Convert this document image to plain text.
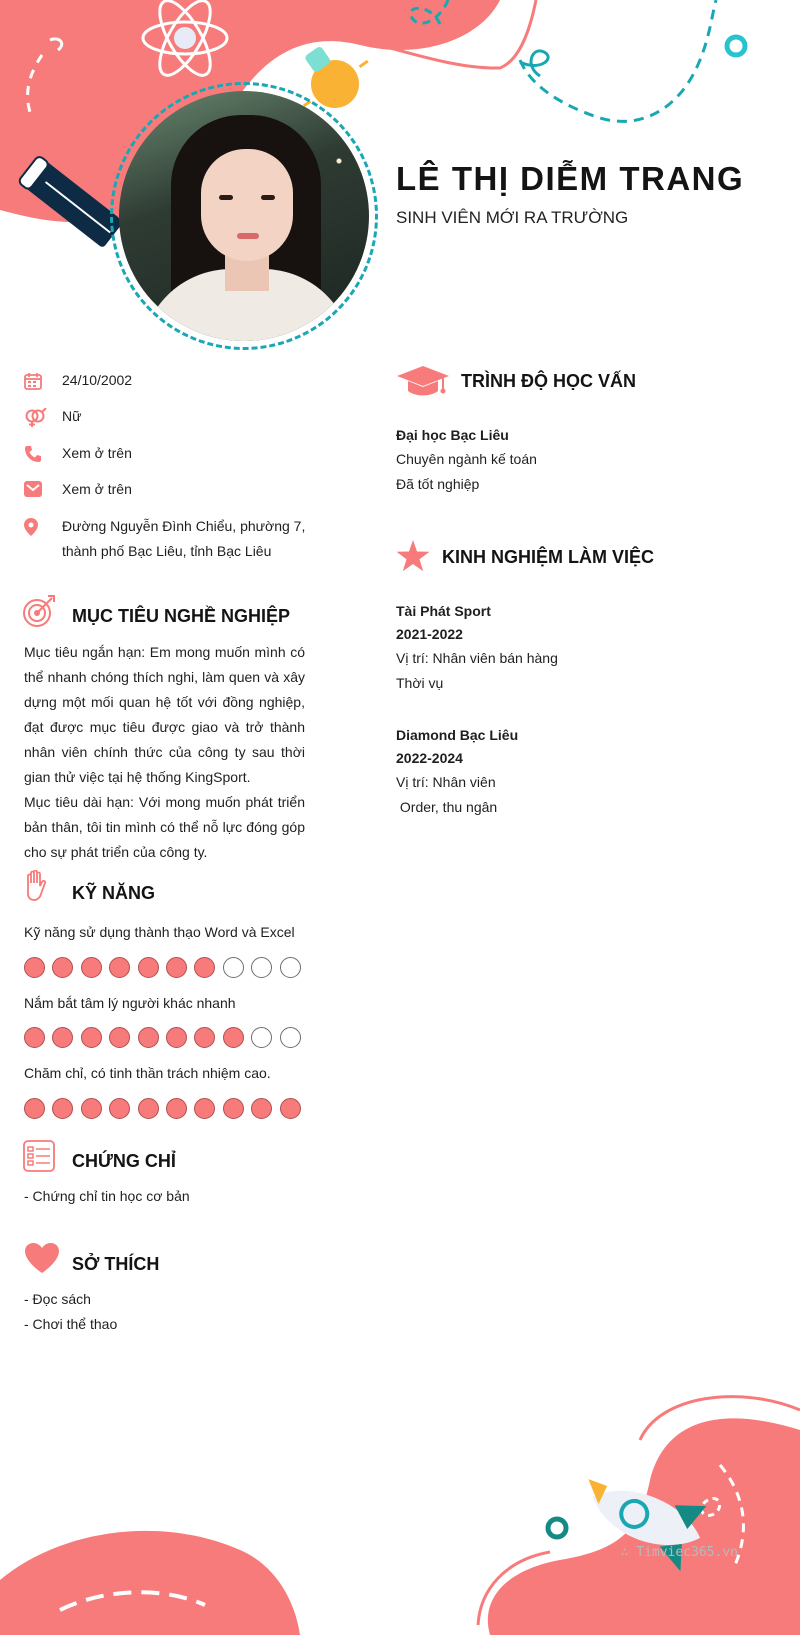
LÊ THỊ DIỄM TRANG
SINH VIÊN MỚI RA TRƯỜNG
24/10/2002
Nữ
Xem ở trên
Xem ở trên
Đường Nguyễn Đình Chiểu, phường 7,
thành phố Bạc Liêu, tỉnh Bạc Liêu
MỤC TIÊU NGHỀ NGHIỆP

Mục tiêu ngắn hạn: Em mong muốn mình có thể nhanh chóng thích nghi, làm quen và xây dựng một mối quan hệ tốt với đồng nghiệp, đạt được mục tiêu được giao và trở thành nhân viên chính thức của công ty sau thời gian thử việc tại hệ thống KingSport.

Mục tiêu dài hạn: Với mong muốn phát triển bản thân, tôi tin mình có thể nỗ lực đóng góp cho sự phát triển của công ty.

KỸ NĂNG
Kỹ năng sử dụng thành thạo Word và Excel
Nắm bắt tâm lý người khác nhanh
Chăm chỉ, có tinh thần trách nhiệm cao.
CHỨNG CHỈ
- Chứng chỉ tin học cơ bản
SỞ THÍCH
- Đọc sách
- Chơi thể thao
TRÌNH ĐỘ HỌC VẤN
Đại học Bạc Liêu
Chuyên ngành kế toán
Đã tốt nghiệp
KINH NGHIỆM LÀM VIỆC
Tài Phát Sport
2021-2022
Vị trí: Nhân viên bán hàng
Thời vụ
Diamond Bạc Liêu
2022-2024
Vị trí: Nhân viên
Order, thu ngân
∴ Timviec365.vn
